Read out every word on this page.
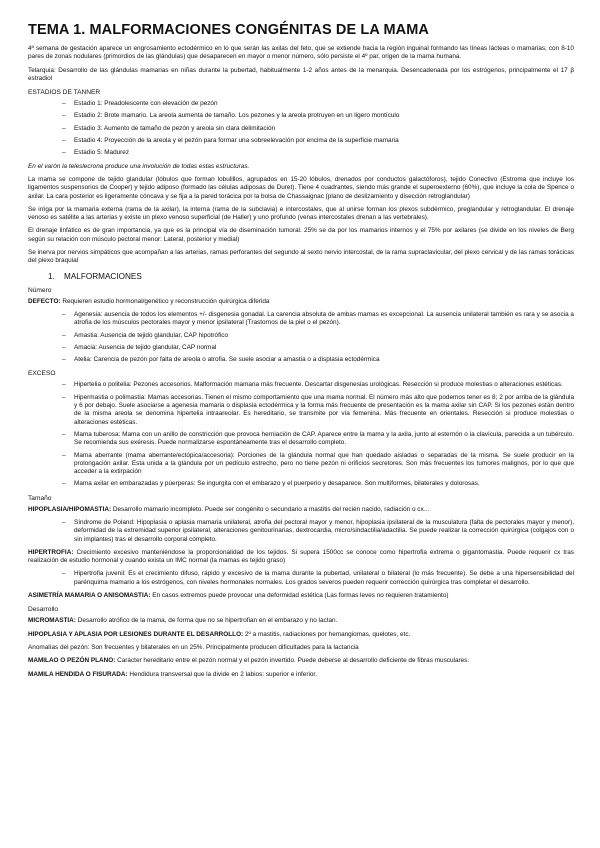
TEMA 1. MALFORMACIONES CONGÉNITAS DE LA MAMA

4ª semana de gestación aparece un engrosamiento ectodérmico en lo que serán las axilas del feto, que se extiende hacia la región inguinal formando las líneas lácteas o mamarias, con 8-10 pares de zonas nodulares (primordios de las glándulas) que desaparecen en mayor o menor número, sólo persiste el 4º par, origen de la mama humana.

Telarquia: Desarrollo de las glándulas mamarias en niñas durante la pubertad, habitualmente 1-2 años antes de la menarquia. Desencadenada por los estrógenos, principalmente el 17 β estradiol

ESTADIOS DE TANNER
– Estadio 1: Preadolescente con elevación de pezón
– Estadio 2: Brote mamario. La areola aumenta de tamaño. Los pezones y la areola protruyen en un ligero montículo
– Estadio 3: Aumento de tamaño de pezón y areola sin clara delimitación
– Estadio 4: Proyección de la areola y el pezón para formar una sobreelevación por encima de la superficie mamaria
– Estadio 5: Madurez

En el varón la teleslecrona produce una involución de todas estas estructuras.

La mama se compone de tejido glandular (lóbulos que forman lobulillos, agrupados en 15-20 lóbulos, drenados por conductos galactóforos), tejido Conectivo (Estroma que incluye los ligamentos suspensorios de Cooper) y tejido adiposo (formado las células adiposas de Duret). Tiene 4 cuadrantes, siendo más grande el superoexterno (60%), que incluye la cola de Spence o axilar. La cara posterior es ligeramente cóncava y se fija a la pared torácica por la bolsa de Chassaignac (plano de deslizamiento y disección retroglandular)

Se irriga por la mamaria externa (rama de la axilar), la interna (rama de la subclavia) e intercostales, que al unirse forman los plexos subdérmico, preglandular y retroglandular. El drenaje venoso es satélite a las arterias y existe un plexo venoso superficial (de Haller) y uno profundo (venas intercostales drenan a las vertebrales).

El drenaje linfático es de gran importancia, ya que es la principal vía de diseminación tumoral. 25% se da por los mamarios internos y el 75% por axilares (se divide en los niveles de Berg según su relación con músculo pectoral menor: Lateral, posterior y medial)

Se inerva por nervios simpáticos que acompañan a las arterias, ramas perforantes del segundo al sexto nervio intercostal, de la rama supraclavicular, del plexo cervical y de las ramas torácicas del plexo braquial

1. MALFORMACIONES
Número

DEFECTO: Requieren estudio hormonal/genético y reconstrucción quirúrgica diferida

– Agenesia: ausencia de todos los elementos +/- disgenesia gonadal. La carencia absoluta de ambas mamas es excepcional. La ausencia unilateral también es rara y se asocia a atrofia de los músculos pectorales mayor y menor ipsilateral (Trastornos de la piel o el pezón).
– Amastia: Ausencia de tejido glandular, CAP hipotrófico
– Amacia: Ausencia de tejido glandular, CAP normal
– Atelia: Carencia de pezón por falta de areola o atrofia. Se suele asociar a amastia o a displasia ectodérmica
EXCESO
– Hipertelia o politelia: Pezones accesorios. Malformación mamaria más frecuente. Descartar disgenesias urológicas. Resección si produce molestias o alteraciones estéticas.
– Hipermastia o polimastia: Mamas accesorias. Tienen el mismo comportamiento que una mama normal. El número más alto que podemos tener es 8; 2 por arriba de la glándula y 6 por debajo. Suele asociarse a agenesia mamaria o displasia ectodérmica y la forma más frecuente de presentación es la mama axilar sin CAP. Si los pezones están dentro de la misma areola se denomina hipertelia intraareolar. Es hereditario, se transmite por vía femenina. Más frecuente en orientales. Resección si produce molestias o alteraciones estéticas.
– Mama tuberosa: Mama con un anillo de constricción que provoca herniación de CAP. Aparece entre la mama y la axila, junto al esternón o la clavícula, parecida a un tubérculo. Se recomienda sus exéresis. Puede normalizarse espontáneamente tras el desarrollo completo.
– Mama aberrante (mama aberrante/ectópica/accesoria): Porciones de la glándula normal que han quedado aisladas o separadas de la misma. Se suele producir en la prolongación axilar. Esta unida a la glándula por un pedículo estrecho, pero no tiene pezón ni orificios secretores. Son más frecuentes los tumores malignos, por lo que que acceder a la extirpación
– Mama axilar en embarazadas y púerperas: Se ingurgita con el embarazo y el puerperio y desaparece. Son multiformes, bilaterales y dolorosas.
Tamaño

HIPOPLASIA/HIPOMASTIA: Desarrollo mamario incompleto. Puede ser congénito o secundario a mastitis del recién nacido, radiación o cx…

– Síndrome de Poland: Hipoplasia o aplasia mamaria unilateral, atrofia del pectoral mayor y menor, hipoplasia ipsilateral de la musculatura (falta de pectorales mayor y menor), deformidad de la extremidad superior ipsilateral, alteraciones genitourinarias, dextrocardia, micro/sindactilia/adactilia. Se puede realizar la corrección quirúrgica (colgajos con o sin implantes) tras el desarrollo corporal completo.

HIPERTROFIA: Crecimiento excesivo manteniéndose la proporcionalidad de los tejidos. Si supera 1500cc se conoce como hipertrofia extrema o gigantomastia. Puede requerir cx tras realización de estudio hormonal y cuando exista un IMC normal (la mamas es tejido graso)

– Hipertrofia juvenil: Es el crecimiento difuso, rápido y excesivo de la mama durante la pubertad, unilateral o bilateral (lo más frecuente). Se debe a una hipersensibilidad del parénquima mamario a los estrógenos, con niveles hormonales normales. Los grados severos pueden requerir corrección quirúrgica tras completar el desarrollo.

ASIMETRÍA MAMARIA O ANISOMASTIA: En casos extremos puede provocar una deformidad estética (Las formas leves no requieren tratamiento)

Desarrollo

MICROMASTIA: Desarrollo atrófico de la mama, de forma que no se hipertrofian en el embarazo y no lactan.

HIPOPLASIA Y APLASIA POR LESIONES DURANTE EL DESARROLLO: 2º a mastitis, radiaciones por hemangiomas, quelotes, etc.

Anomalías del pezón: Son frecuentes y bilaterales en un 25%. Principalmente producen dificultades para la lactancia

MAMILAO O PEZÓN PLANO: Carácter hereditario entre el pezón normal y el pezón invertido. Puede deberse al desarrollo deficiente de fibras musculares.

MAMILA HENDIDA O FISURADA: Hendidura transversal que la divide en 2 labios: superior e inferior.
